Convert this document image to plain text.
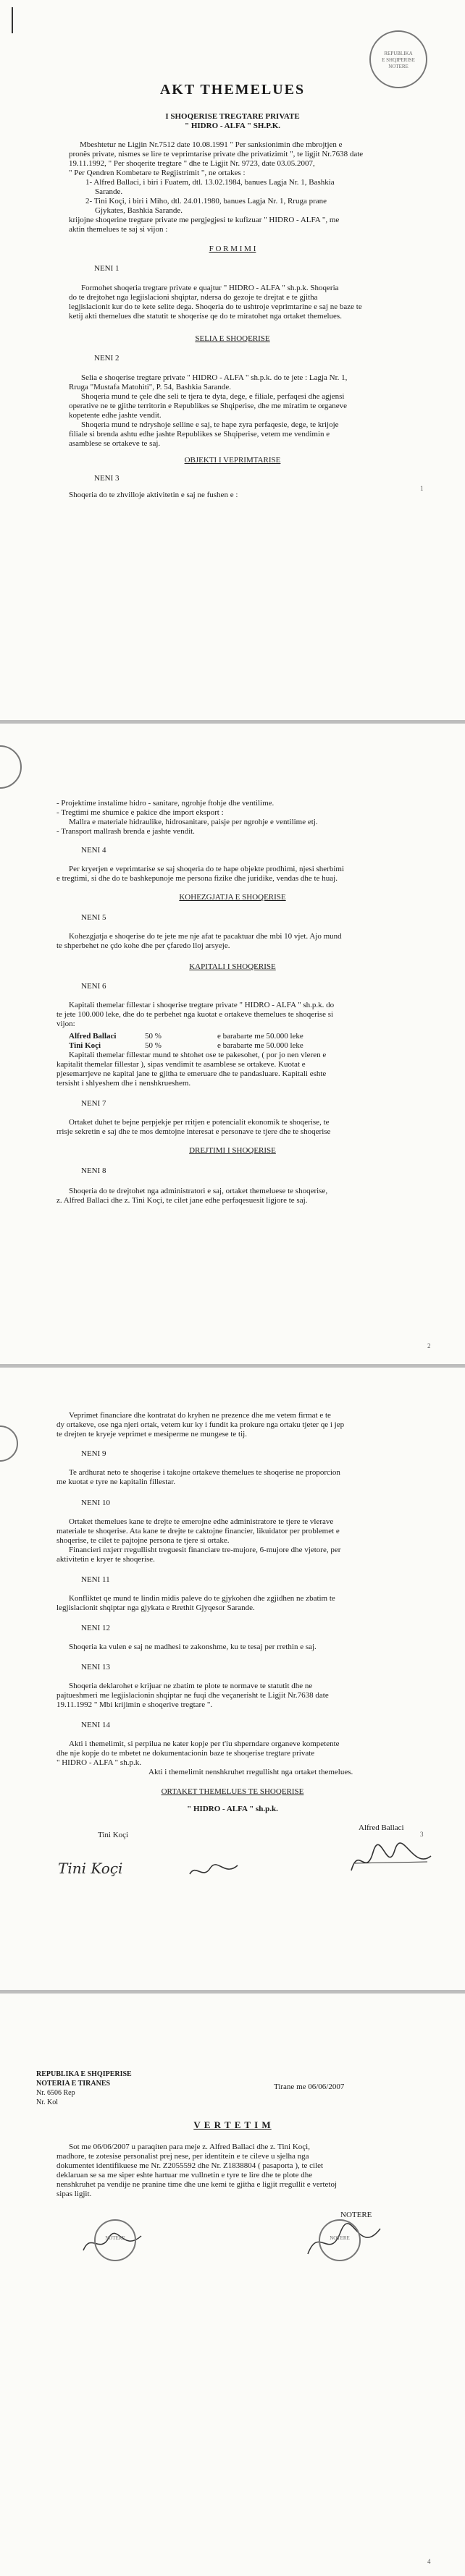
REPUBLIKA
E SHQIPERISE
NOTERE
AKT THEMELUES
I SHOQERISE TREGTARE PRIVATE
" HIDRO - ALFA " SH.P.K.
Mbeshtetur ne Ligjin Nr.7512 date 10.08.1991 " Per sanksionimin dhe mbrojtjen e
pronës private, nismes se lire te veprimtarise private dhe privatizimit ", te ligjit Nr.7638 date
19.11.1992, " Per shoqerite tregtare " dhe te Ligjit Nr. 9723, date 03.05.2007,
" Per Qendren Kombetare te Regjistrimit ", ne ortakes :
1- Alfred Ballaci, i biri i Fuatem, dtl. 13.02.1984, banues Lagja Nr. 1, Bashkia
Sarande.
2- Tini Koçi, i biri i Miho, dtl. 24.01.1980, banues Lagja Nr. 1, Rruga prane
Gjykates, Bashkia Sarande.
krijojne shoqerine tregtare private me pergjegjesi te kufizuar " HIDRO - ALFA ", me
aktin themelues te saj si vijon :
F O R M I M I
NENI 1
Formohet shoqeria tregtare private e quajtur " HIDRO - ALFA " sh.p.k. Shoqeria
do te drejtohet nga legjislacioni shqiptar, ndersa do gezoje te drejtat e te gjitha
legjislacionit kur do te kete selite dega. Shoqeria do te ushtroje veprimtarine e saj ne baze te
ketij akti themelues dhe statutit te shoqerise qe do te miratohet nga ortaket themelues.
SELIA E SHOQERISE
NENI 2
Selia e shoqerise tregtare private " HIDRO - ALFA " sh.p.k. do te jete : Lagja Nr. 1,
Rruga "Mustafa Matohiti", P. 54, Bashkia Sarande.
Shoqeria mund te çele dhe seli te tjera te dyta, dege, e filiale, perfaqesi dhe agjensi
operative ne te gjithe territorin e Republikes se Shqiperise, dhe me miratim te organeve
kopetente edhe jashte vendit.
Shoqeria mund te ndryshoje selline e saj, te hape zyra perfaqesie, dege, te krijoje
filiale si brenda ashtu edhe jashte Republikes se Shqiperise, vetem me vendimin e
asamblese se ortakeve te saj.
OBJEKTI I VEPRIMTARISE
NENI 3
Shoqeria do te zhvilloje aktivitetin e saj ne fushen e :
1
- Projektime instalime hidro - sanitare, ngrohje ftohje dhe ventilime.
- Tregtimi me shumice e pakice dhe import eksport :
Mallra e materiale hidraulike, hidrosanitare, paisje per ngrohje e ventilime etj.
- Transport mallrash brenda e jashte vendit.
NENI 4
Per kryerjen e veprimtarise se saj shoqeria do te hape objekte prodhimi, njesi sherbimi
e tregtimi, si dhe do te bashkepunoje me persona fizike dhe juridike, vendas dhe te huaj.
KOHEZGJATJA E SHOQERISE
NENI 5
Kohezgjatja e shoqerise do te jete me nje afat te pacaktuar dhe mbi 10 vjet. Ajo mund
te shperbehet ne çdo kohe dhe per çfaredo lloj arsyeje.
KAPITALI I SHOQERISE
NENI 6
Kapitali themelar fillestar i shoqerise tregtare private " HIDRO - ALFA " sh.p.k. do
te jete 100.000 leke, dhe do te perbehet nga kuotat e ortakeve themelues te shoqerise si
vijon:
Alfred Ballaci	50 %	e barabarte me 50.000 leke
Tini Koçi	50 %	e barabarte me 50.000 leke
Kapitali themelar fillestar mund te shtohet ose te pakesohet, ( por jo nen vleren e
kapitalit themelar fillestar ), sipas vendimit te asamblese se ortakeve. Kuotat e
pjesemarrjeve ne kapital jane te gjitha te emeruare dhe te pandasluare. Kapitali eshte
tersisht i shlyeshem dhe i nenshkrueshem.
NENI 7
Ortaket duhet te bejne perpjekje per rritjen e potencialit ekonomik te shoqerise, te
rrisje sekretin e saj dhe te mos demtojne interesat e personave te tjere dhe te shoqerise
DREJTIMI I SHOQERISE
NENI 8
Shoqeria do te drejtohet nga administratori e saj, ortaket themeluese te shoqerise,
z. Alfred Ballaci dhe z. Tini Koçi, te cilet jane edhe perfaqesuesit ligjore te saj.
2
Veprimet financiare dhe kontratat do kryhen ne prezence dhe me vetem firmat e te
dy ortakeve, ose nga njeri ortak, vetem kur ky i fundit ka prokure nga ortaku tjeter qe i jep
te drejten te kryeje veprimet e mesiperme ne mungese te tij.
NENI 9
Te ardhurat neto te shoqerise i takojne ortakeve themelues te shoqerise ne proporcion
me kuotat e tyre ne kapitalin fillestar.
NENI 10
Ortaket themelues kane te drejte te emerojne edhe administratore te tjere te vlerave
materiale te shoqerise. Ata kane te drejte te caktojne financier, likuidator per problemet e
shoqerise, te cilet te pajtojne persona te tjere si ortake.
Financieri nxjerr rregullisht treguesit financiare tre-mujore, 6-mujore dhe vjetore, per
aktivitetin e kryer te shoqerise.
NENI 11
Konfliktet qe mund te lindin midis paleve do te gjykohen dhe zgjidhen ne zbatim te
legjislacionit shqiptar nga gjykata e Rrethit Gjyqesor Sarande.
NENI 12
Shoqeria ka vulen e saj ne madhesi te zakonshme, ku te tesaj per rrethin e saj.
NENI 13
Shoqeria deklarohet e krijuar ne zbatim te plote te normave te statutit dhe ne
pajtueshmeri me legjislacionin shqiptar ne fuqi dhe veçanerisht te Ligjit Nr.7638 date
19.11.1992 " Mbi krijimin e shoqerive tregtare ".
NENI 14
Akti i themelimit, si perpilua ne kater kopje per t'iu shperndare organeve kompetente
dhe nje kopje do te mbetet ne dokumentacionin baze te shoqerise tregtare private
" HIDRO - ALFA " sh.p.k.
Akti i themelimit nenshkruhet rregullisht nga ortaket themelues.
ORTAKET THEMELUES TE SHOQERISE
" HIDRO - ALFA " sh.p.k.
Tini Koçi
Alfred Ballaci
Tini Koçi
3
REPUBLIKA E SHQIPERISE
NOTERIA E TIRANES
Nr. 6506 Rep
Nr. Kol
Tirane me 06/06/2007
V E R T E T I M
Sot me 06/06/2007 u paraqiten para meje z. Alfred Ballaci dhe z. Tini Koçi,
madhore, te zotesise personalist prej nese, per identitein e te cileve u sjelha nga
dokumentet identifikuese me Nr. Z2055592 dhe Nr. Z1838804 ( pasaporta ), te cilet
deklaruan se sa me siper eshte hartuar me vullnetin e tyre te lire dhe te plote dhe
nenshkruhet pa vendije ne pranine time dhe une kemi te gjitha e ligjit rregullit e vertetoj
sipas ligjit.
NOTERE
NOTERE	NOTERE
4
